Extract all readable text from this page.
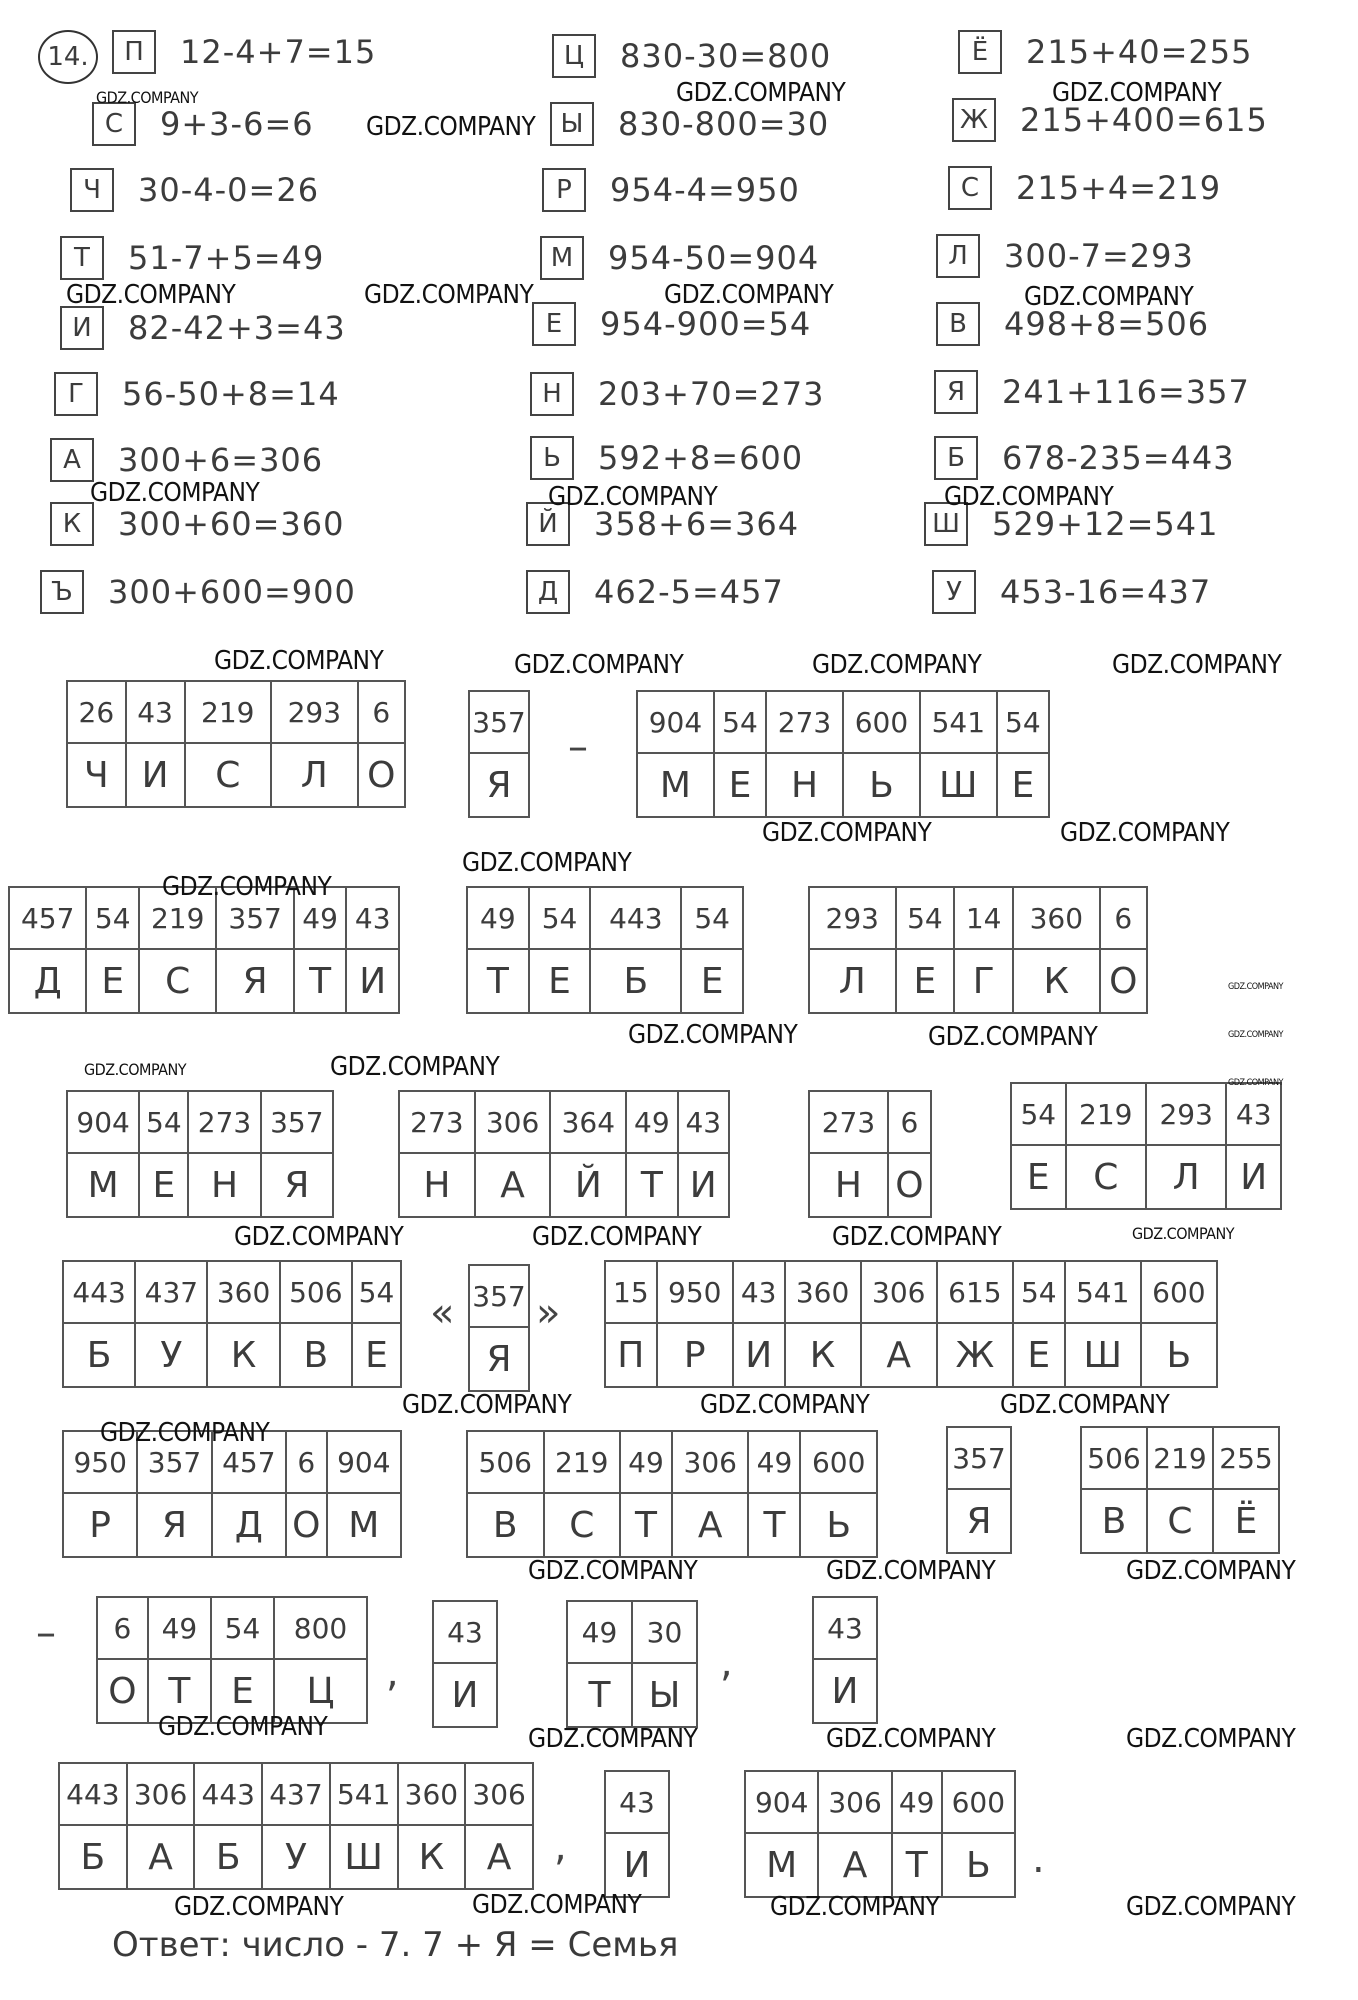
14.	П	12-4+7=15
С	9+3-6=6
Ч	30-4-0=26
Т	51-7+5=49
И	82-42+3=43
Г	56-50+8=14
А	300+6=306
К	300+60=360
Ъ	300+600=900
Ц	830-30=800
Ы	830-800=30
Р	954-4=950
М	954-50=904
Е	954-900=54
Н	203+70=273
Ь	592+8=600
Й	358+6=364
Д	462-5=457
Ё	215+40=255
Ж 215+400=615
С	215+4=219
Л	300-7=293
В	498+8=506
Я	241+116=357
Б	678-235=443
Ш 529+12=541
У	453-16=437
26	43	219	293	6
Ч	И	С	Л	О
357
Я
904	54	273	600	541	54
М	Е	Н	Ь	Ш	Е
457	54	219	357	49	43
Д	Е	С	Я	Т	И
49	54	443	54
Т	Е	Б	Е
293	54	14	360	6
Л	Е	Г	К	О
904	54	273	357
М	Е	Н	Я
273	306	364	49	43
Н	А	Й	Т	И
273	6
Н	О
54	219	293	43
Е	С	Л	И
443	437	360	506	54
Б	У	К	В	Е
357
Я
15	950	43	360	306	615	54	541	600
П	Р	И	К	А	Ж	Е	Ш	Ь
950	357	457	6	904
Р	Я	Д	О	М
506	219	49	306	49	600
В	С	Т	А	Т	Ь
357
Я
506	219	255
В	С	Ё
6	49	54	800
О	Т	Е	Ц
43
И
49	30
Т	Ы
43
И
443	306	443	437	541	360	306
Б	А	Б	У	Ш	К	А
43
И
904	306	49	600
М	А	Т	Ь
–
« »
–
,	,
,	.
Ответ: число - 7. 7 + Я = Семья
GDZ.COMPANY
GDZ.COMPANY
GDZ.COMPANY	GDZ.COMPANY
GDZ.COMPANY	GDZ.COMPANY	GDZ.COMPANY	GDZ.COMPANY
GDZ.COMPANY	GDZ.COMPANY	GDZ.COMPANY
GDZ.COMPANY	GDZ.COMPANY	GDZ.COMPANY	GDZ.COMPANY
GDZ.COMPANY	GDZ.COMPANY
GDZ.COMPANY
GDZ.COMPANY
GDZ.COMPANY	GDZ.COMPANY
GDZ.COMPANY
GDZ.COMPANY
GDZ.COMPANY
GDZ.COMPANY	GDZ.COMPANY
GDZ.COMPANY	GDZ.COMPANY	GDZ.COMPANY	GDZ.COMPANY
GDZ.COMPANY	GDZ.COMPANY	GDZ.COMPANY
GDZ.COMPANY
GDZ.COMPANY	GDZ.COMPANY	GDZ.COMPANY
GDZ.COMPANY	GDZ.COMPANY	GDZ.COMPANY	GDZ.COMPANY
GDZ.COMPANY	GDZ.COMPANY	GDZ.COMPANY	GDZ.COMPANY
